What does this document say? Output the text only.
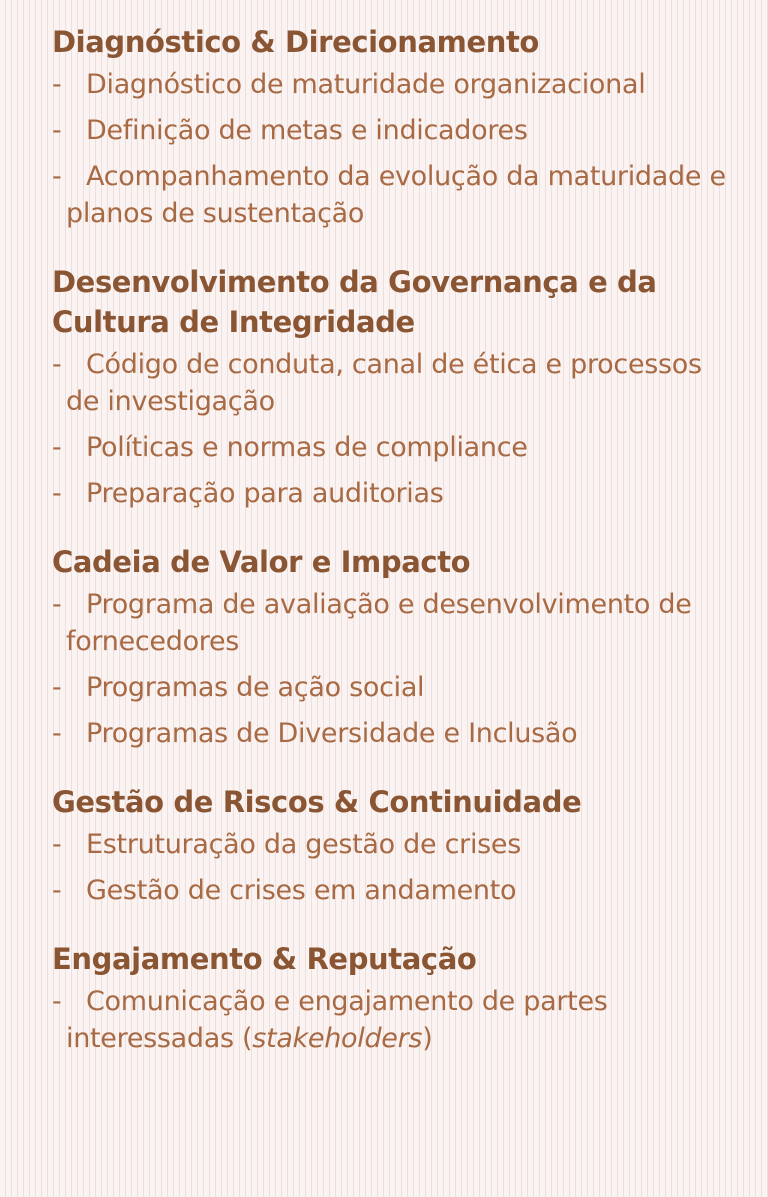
Diagnóstico & Direcionamento
- Diagnóstico de maturidade organizacional
- Definição de metas e indicadores
- Acompanhamento da evolução da maturidade e
planos de sustentação
Desenvolvimento da Governança e da
Cultura de Integridade
- Código de conduta, canal de ética e processos
de investigação
- Políticas e normas de compliance
- Preparação para auditorias
Cadeia de Valor e Impacto
- Programa de avaliação e desenvolvimento de
fornecedores
- Programas de ação social
- Programas de Diversidade e Inclusão
Gestão de Riscos & Continuidade
- Estruturação da gestão de crises
- Gestão de crises em andamento
Engajamento & Reputação
- Comunicação e engajamento de partes
interessadas (stakeholders)
